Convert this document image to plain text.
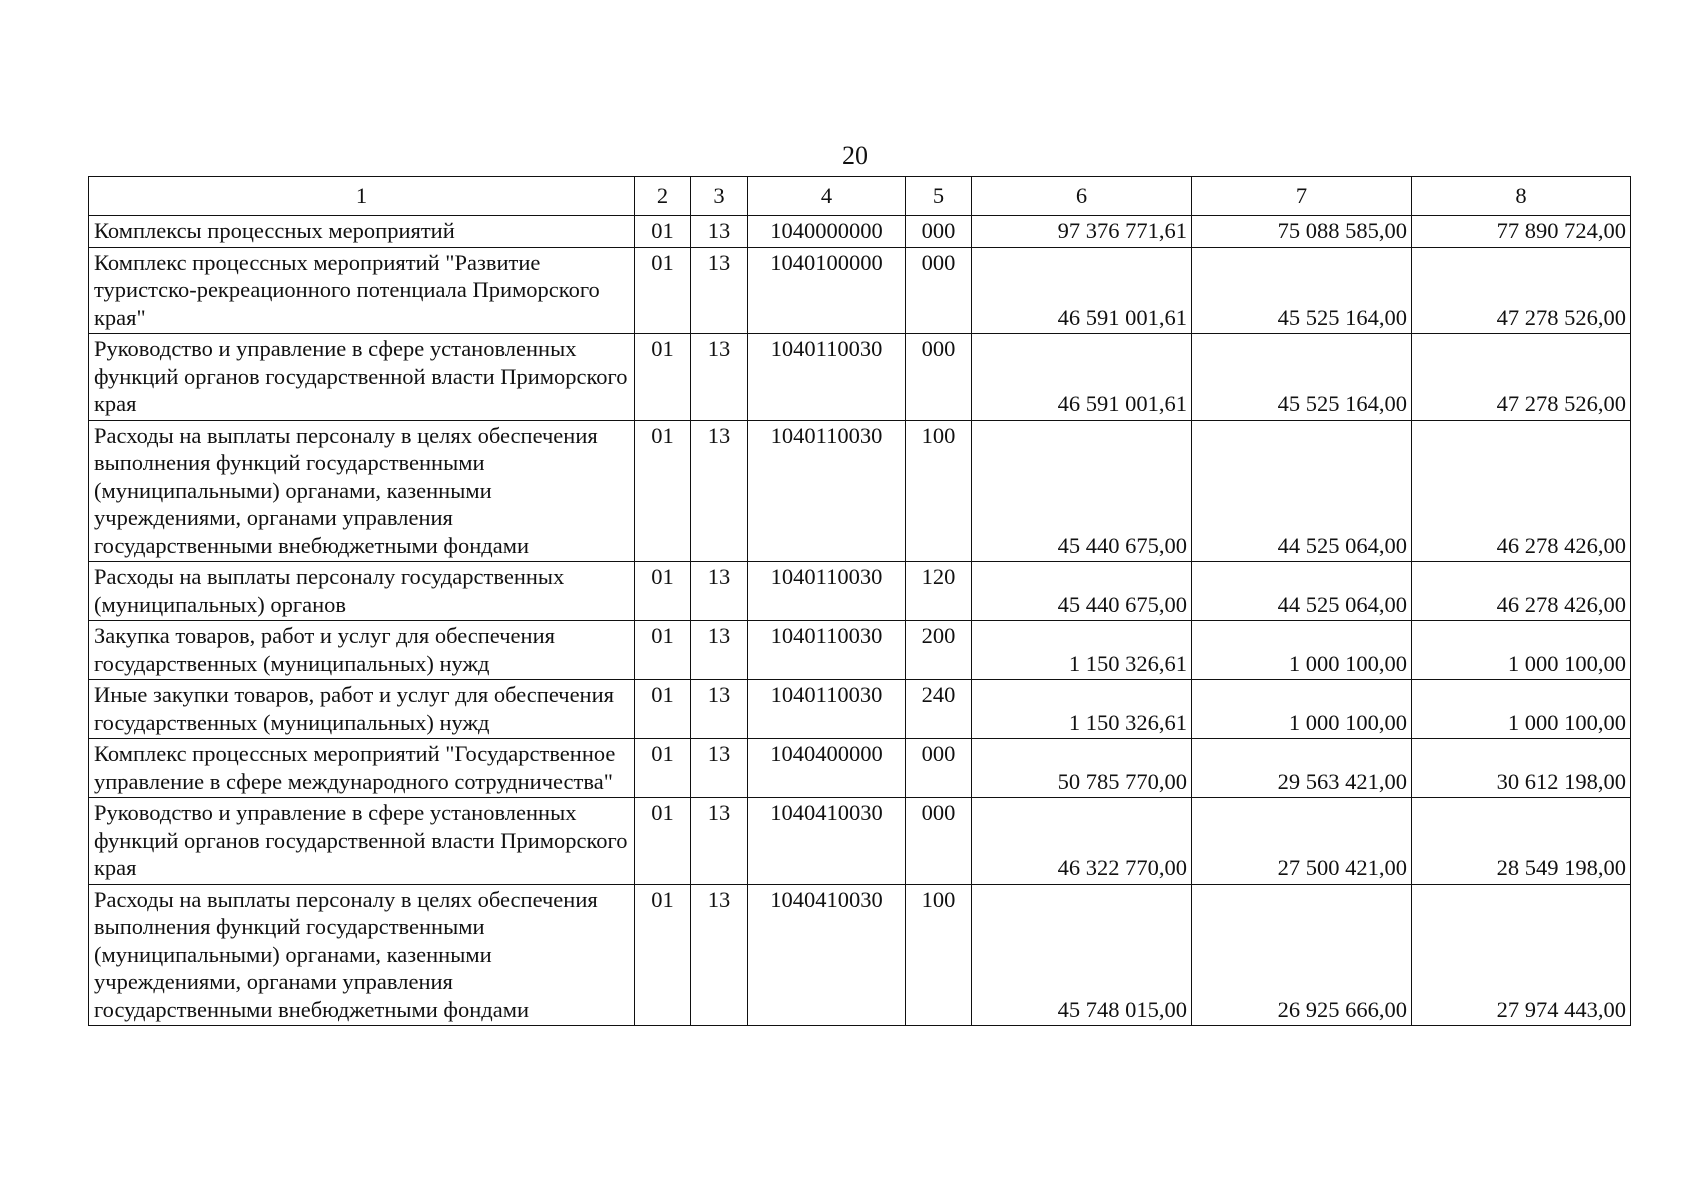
20
1	2	3	4	5	6	7	8
Комплексы процессных мероприятий	01	13	1040000000	000	97 376 771,61	75 088 585,00	77 890 724,00
Комплекс процессных мероприятий "Развитие туристско-рекреационного потенциала Приморского края"	01	13	1040100000	000	46 591 001,61	45 525 164,00	47 278 526,00
Руководство и управление в сфере установленных функций органов государственной власти Приморского края	01	13	1040110030	000	46 591 001,61	45 525 164,00	47 278 526,00
Расходы на выплаты персоналу в целях обеспечения выполнения функций государственными (муниципальными) органами, казенными учреждениями, органами управления государственными внебюджетными фондами	01	13	1040110030	100	45 440 675,00	44 525 064,00	46 278 426,00
Расходы на выплаты персоналу государственных (муниципальных) органов	01	13	1040110030	120	45 440 675,00	44 525 064,00	46 278 426,00
Закупка товаров, работ и услуг для обеспечения государственных (муниципальных) нужд	01	13	1040110030	200	1 150 326,61	1 000 100,00	1 000 100,00
Иные закупки товаров, работ и услуг для обеспечения государственных (муниципальных) нужд	01	13	1040110030	240	1 150 326,61	1 000 100,00	1 000 100,00
Комплекс процессных мероприятий "Государственное управление в сфере международного сотрудничества"	01	13	1040400000	000	50 785 770,00	29 563 421,00	30 612 198,00
Руководство и управление в сфере установленных функций органов государственной власти Приморского края	01	13	1040410030	000	46 322 770,00	27 500 421,00	28 549 198,00
Расходы на выплаты персоналу в целях обеспечения выполнения функций государственными (муниципальными) органами, казенными учреждениями, органами управления государственными внебюджетными фондами	01	13	1040410030	100	45 748 015,00	26 925 666,00	27 974 443,00
